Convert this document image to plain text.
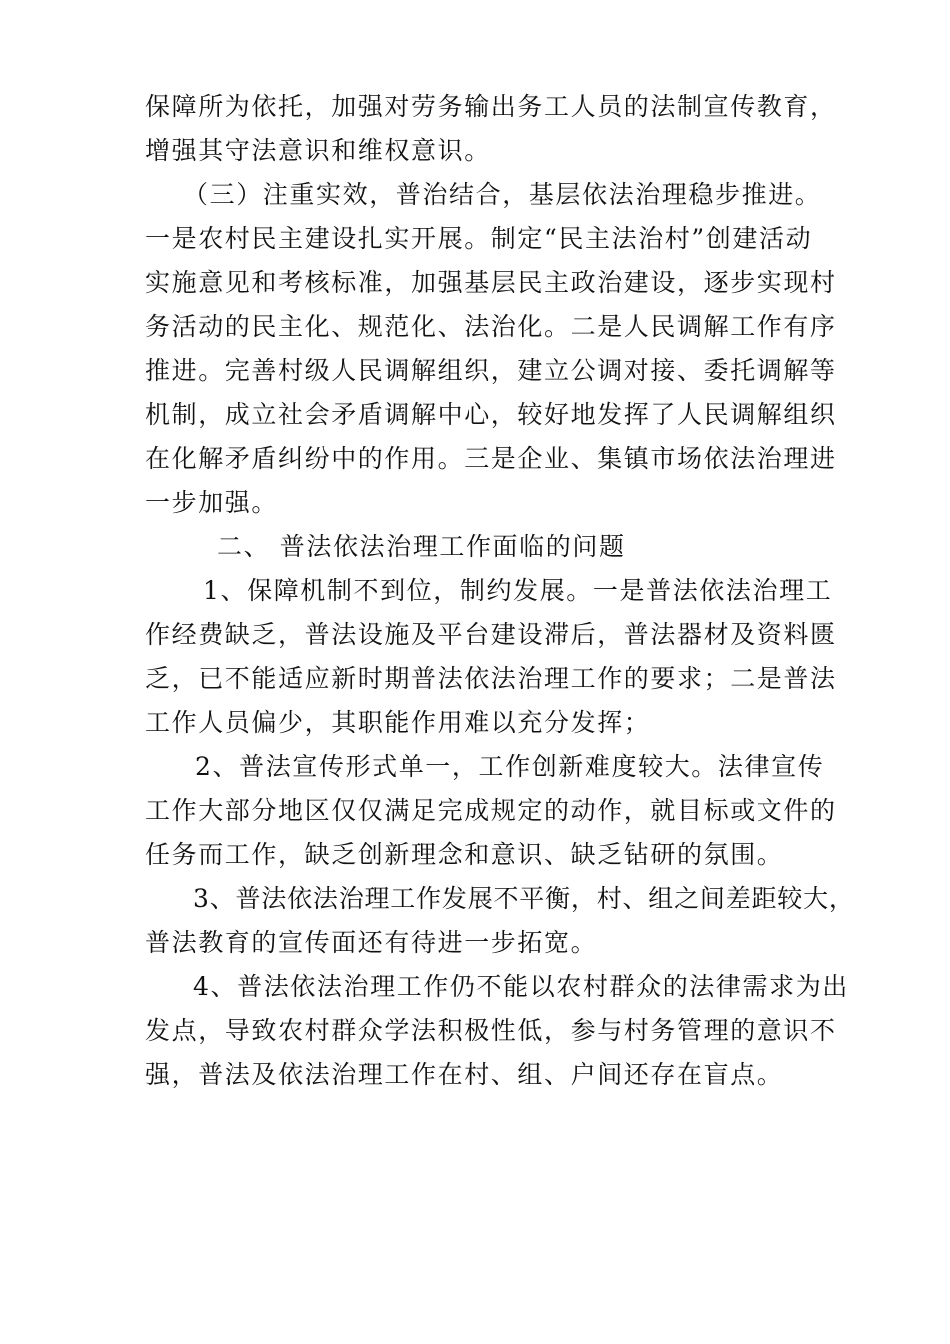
保障所为依托，加强对劳务输出务工人员的法制宣传教育，
增强其守法意识和维权意识。
（三）注重实效，普治结合，基层依法治理稳步推进。
一是农村民主建设扎实开展。制定“民主法治村”创建活动
实施意见和考核标准，加强基层民主政治建设，逐步实现村
务活动的民主化、规范化、法治化。二是人民调解工作有序
推进。完善村级人民调解组织，建立公调对接、委托调解等
机制，成立社会矛盾调解中心，较好地发挥了人民调解组织
在化解矛盾纠纷中的作用。三是企业、集镇市场依法治理进
一步加强。
二、 普法依法治理工作面临的问题
1、保障机制不到位，制约发展。一是普法依法治理工
作经费缺乏，普法设施及平台建设滞后，普法器材及资料匮
乏，已不能适应新时期普法依法治理工作的要求；二是普法
工作人员偏少，其职能作用难以充分发挥；
2、普法宣传形式单一，工作创新难度较大。法律宣传
工作大部分地区仅仅满足完成规定的动作，就目标或文件的
任务而工作，缺乏创新理念和意识、缺乏钻研的氛围。
3、普法依法治理工作发展不平衡，村、组之间差距较大，
普法教育的宣传面还有待进一步拓宽。
4、普法依法治理工作仍不能以农村群众的法律需求为出
发点，导致农村群众学法积极性低，参与村务管理的意识不
强，普法及依法治理工作在村、组、户间还存在盲点。
